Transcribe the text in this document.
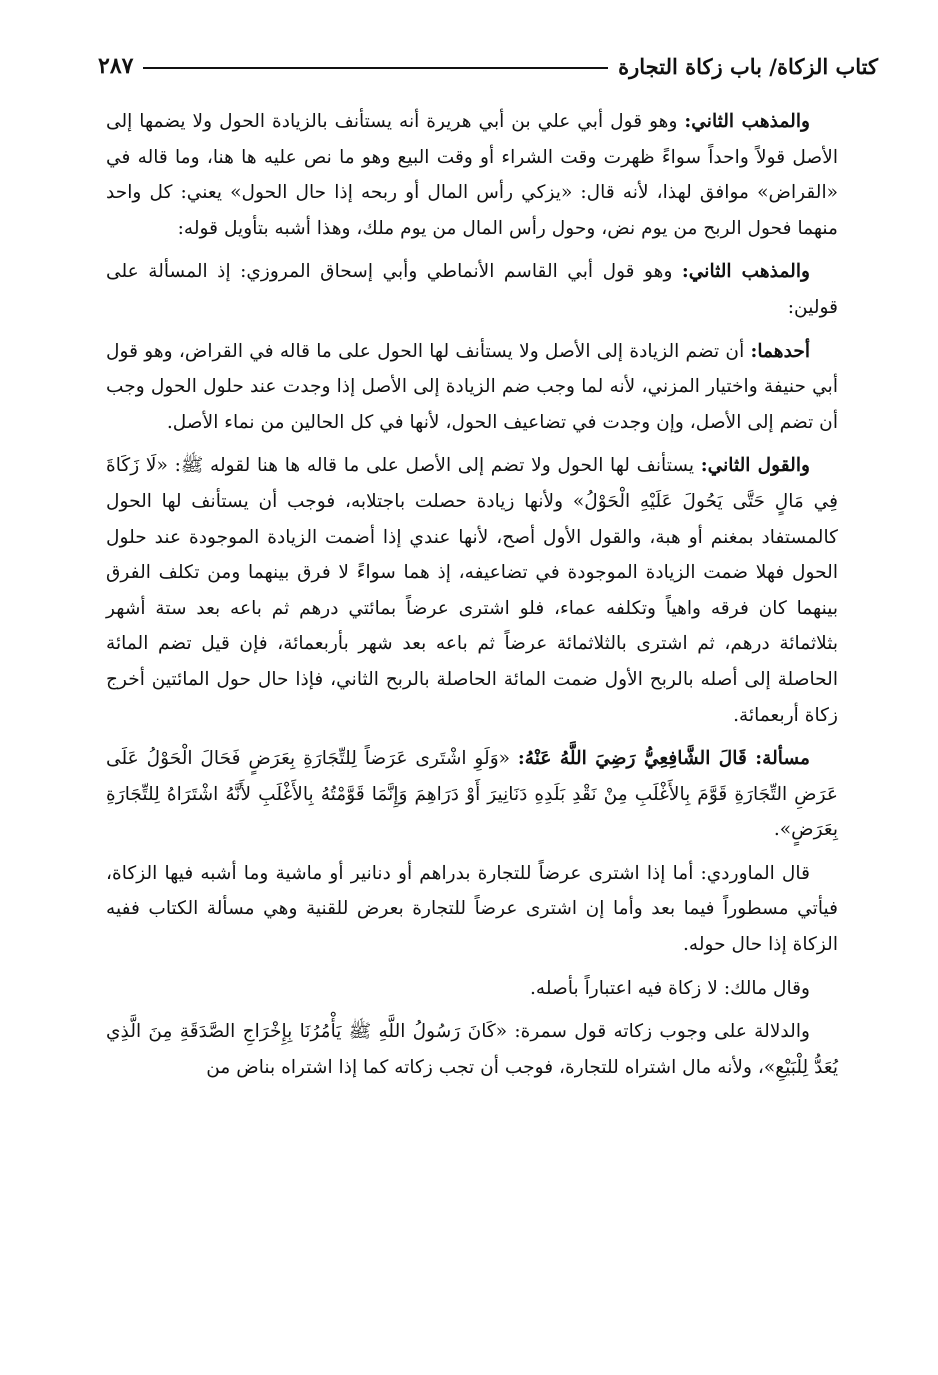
كتاب الزكاة/ باب زكاة التجارة
٢٨٧

والمذهب الثاني: وهو قول أبي علي بن أبي هريرة أنه يستأنف بالزيادة الحول ولا يضمها إلى الأصل قولاً واحداً سواءً ظهرت وقت الشراء أو وقت البيع وهو ما نص عليه ها هنا، وما قاله في «القراض» موافق لهذا، لأنه قال: «يزكي رأس المال أو ربحه إذا حال الحول» يعني: كل واحد منهما فحول الربح من يوم نض، وحول رأس المال من يوم ملك، وهذا أشبه بتأويل قوله:

والمذهب الثاني: وهو قول أبي القاسم الأنماطي وأبي إسحاق المروزي: إذ المسألة على قولين:

أحدهما: أن تضم الزيادة إلى الأصل ولا يستأنف لها الحول على ما قاله في القراض، وهو قول أبي حنيفة واختيار المزني، لأنه لما وجب ضم الزيادة إلى الأصل إذا وجدت عند حلول الحول وجب أن تضم إلى الأصل، وإن وجدت في تضاعيف الحول، لأنها في كل الحالين من نماء الأصل.

والقول الثاني: يستأنف لها الحول ولا تضم إلى الأصل على ما قاله ها هنا لقوله ﷺ: «لَا زَكَاةَ فِي مَالٍ حَتَّى يَحُولَ عَلَيْهِ الْحَوْلُ» ولأنها زيادة حصلت باجتلابه، فوجب أن يستأنف لها الحول كالمستفاد بمغنم أو هبة، والقول الأول أصح، لأنها عندي إذا أضمت الزيادة الموجودة عند حلول الحول فهلا ضمت الزيادة الموجودة في تضاعيفه، إذ هما سواءً لا فرق بينهما ومن تكلف الفرق بينهما كان فرقه واهياً وتكلفه عماء، فلو اشترى عرضاً بمائتي درهم ثم باعه بعد ستة أشهر بثلاثمائة درهم، ثم اشترى بالثلاثمائة عرضاً ثم باعه بعد شهر بأربعمائة، فإن قيل تضم المائة الحاصلة إلى أصله بالربح الأول ضمت المائة الحاصلة بالربح الثاني، فإذا حال حول المائتين أخرج زكاة أربعمائة.

مسألة: قَالَ الشَّافِعِيُّ رَضِيَ اللَّهُ عَنْهُ: «وَلَوِ اشْتَرى عَرَضاً لِلتِّجَارَةِ بِعَرَضٍ فَحَالَ الْحَوْلُ عَلَى عَرَضِ التِّجَارَةِ قَوَّمَ بِالأَغْلَبِ مِنْ نَقْدِ بَلَدِهِ دَنَانِيرَ أَوْ دَرَاهِمَ وَإِنَّمَا قَوَّمْتُهُ بِالأَغْلَبِ لأَنَّهُ اشْتَرَاهُ لِلتِّجَارَةِ بِعَرَضٍ».

قال الماوردي: أما إذا اشترى عرضاً للتجارة بدراهم أو دنانير أو ماشية وما أشبه فيها الزكاة، فيأتي مسطوراً فيما بعد وأما إن اشترى عرضاً للتجارة بعرض للقنية وهي مسألة الكتاب ففيه الزكاة إذا حال حوله.

وقال مالك: لا زكاة فيه اعتباراً بأصله.

والدلالة على وجوب زكاته قول سمرة: «كَانَ رَسُولُ اللَّهِ ﷺ يَأْمُرُنَا بِإِخْرَاجِ الصَّدَقَةِ مِنَ الَّذِي يُعَدُّ لِلْبَيْعِ»، ولأنه مال اشتراه للتجارة، فوجب أن تجب زكاته كما إذا اشتراه بناض من
